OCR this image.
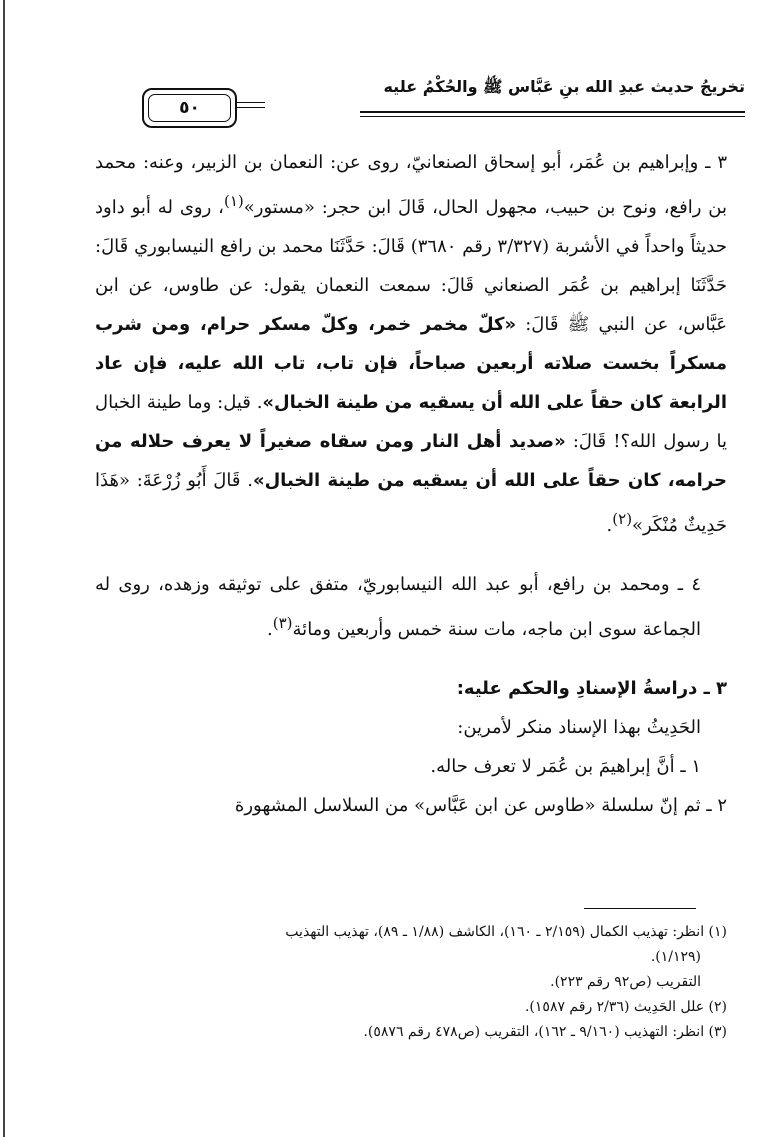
تخريجُ حديث عبدِ الله بنِ عَبَّاس ﷺ والحُكْمُ عليه
٥٠

٣ ـ وإبراهيم بن عُمَر، أبو إسحاق الصنعانيّ، روى عن: النعمان بن الزبير، وعنه: محمد بن رافع، ونوح بن حبيب، مجهول الحال، قَالَ ابن حجر: «مستور»$^{(١)}$، روى له أبو داود حديثاً واحداً في الأشربة (٣/٣٢٧ رقم ٣٦٨٠) قَالَ: حَدَّثَنَا محمد بن رافع النيسابوري قَالَ: حَدَّثَنَا إبراهيم بن عُمَر الصنعاني قَالَ: سمعت النعمان يقول: عن طاوس، عن ابن عَبَّاس، عن النبي ﷺ قَالَ: «كلّ مخمر خمر، وكلّ مسكر حرام، ومن شرب مسكراً بخست صلاته أربعين صباحاً، فإن تاب، تاب الله عليه، فإن عاد الرابعة كان حقاً على الله أن يسقيه من طينة الخبال». قيل: وما طينة الخبال يا رسول الله؟! قَالَ: «صديد أهل النار ومن سقاه صغيراً لا يعرف حلاله من حرامه، كان حقاً على الله أن يسقيه من طينة الخبال». قَالَ أَبُو زُرْعَةَ: «هَذَا حَدِيثٌ مُنْكَر»$^{(٢)}$.

٤ ـ ومحمد بن رافع، أبو عبد الله النيسابوريّ، متفق على توثيقه وزهده، روى له الجماعة سوى ابن ماجه، مات سنة خمس وأربعين ومائة$^{(٣)}$.

٣ ـ دراسةُ الإسنادِ والحكم عليه:

الحَدِيثُ بهذا الإسناد منكر لأمرين:

١ ـ أنَّ إبراهيمَ بن عُمَر لا تعرف حاله.

٢ ـ ثم إنّ سلسلة «طاوس عن ابن عَبَّاس» من السلاسل المشهورة

(١) انظر: تهذيب الكمال (٢/١٥٩ ـ ١٦٠)، الكاشف (١/٨٨ ـ ٨٩)، تهذيب التهذيب

(١/١٢٩).

التقريب (ص٩٢ رقم ٢٢٣).

(٢) علل الحَدِيث (٢/٣٦ رقم ١٥٨٧).

(٣) انظر: التهذيب (٩/١٦٠ ـ ١٦٢)، التقريب (ص٤٧٨ رقم ٥٨٧٦).
